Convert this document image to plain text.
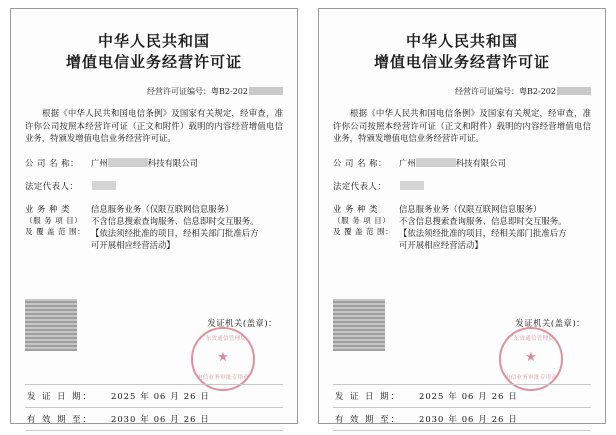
中华人民共和国
增值电信业务经营许可证
经营许可证编号：粤B2-202
根据《中华人民共和国电信条例》及国家有关规定，经审查，准许你公司按照本经营许可证（正文和附件）载明的内容经营增值电信业务，特颁发增值电信业务经营许可证。
公 司 名 称：	广州	科技有限公司
法定代表人：
业 务 种 类
（服 务 项 目）
及 覆 盖 范 围：
信息服务业务（仅限互联网信息服务）
不含信息搜索查询服务、信息即时交互服务。
【依法须经批准的项目，经相关部门批准后方
可开展相应经营活动】
发证机关(盖章)：
广东省通信管理局
★
电信业务审批专用章
发 证 日 期：	2025 年 06 月 26 日
有 效 期 至：	2030 年 06 月 26 日
中华人民共和国
增值电信业务经营许可证
经营许可证编号：粤B2-202
根据《中华人民共和国电信条例》及国家有关规定，经审查，准许你公司按照本经营许可证（正文和附件）载明的内容经营增值电信业务，特颁发增值电信业务经营许可证。
公 司 名 称：	广州	科技有限公司
法定代表人：
业 务 种 类
（服 务 项 目）
及 覆 盖 范 围：
信息服务业务（仅限互联网信息服务）
不含信息搜索查询服务、信息即时交互服务。
【依法须经批准的项目，经相关部门批准后方
可开展相应经营活动】
发证机关(盖章)：
广东省通信管理局
★
电信业务审批专用章
发 证 日 期：	2025 年 06 月 26 日
有 效 期 至：	2030 年 06 月 26 日
